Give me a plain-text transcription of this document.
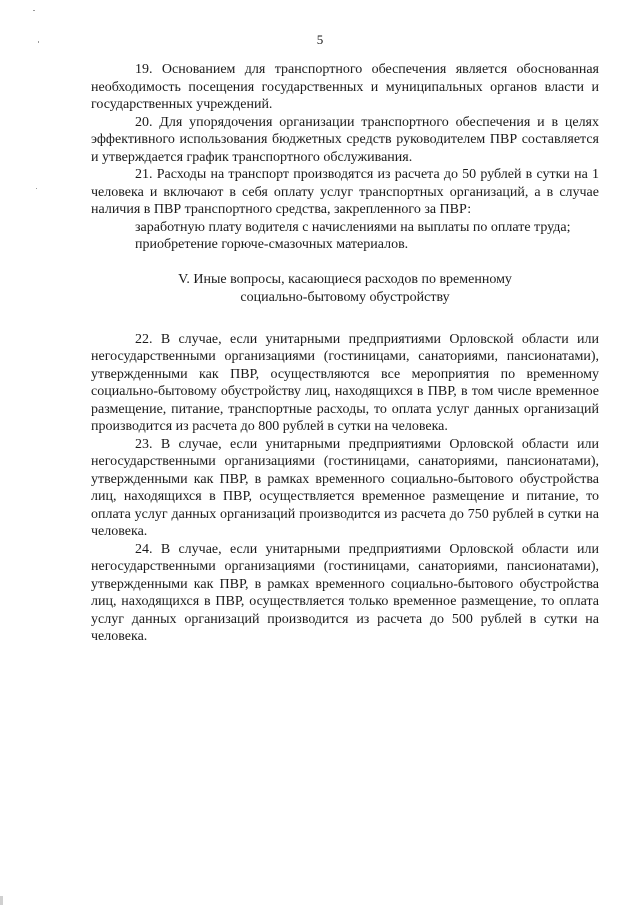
5

19. Основанием для транспортного обеспечения является обоснованная необходимость посещения государственных и муниципальных органов власти и государственных учреждений.

20. Для упорядочения организации транспортного обеспечения и в целях эффективного использования бюджетных средств руководителем ПВР составляется и утверждается график транспортного обслуживания.

21. Расходы на транспорт производятся из расчета до 50 рублей в сутки на 1 человека и включают в себя оплату услуг транспортных организаций, а в случае наличия в ПВР транспортного средства, закрепленного за ПВР:

заработную плату водителя с начислениями на выплаты по оплате труда;

приобретение горюче-смазочных материалов.

V. Иные вопросы, касающиеся расходов по временному
социально-бытовому обустройству

22. В случае, если унитарными предприятиями Орловской области или негосударственными организациями (гостиницами, санаториями, пансионатами), утвержденными как ПВР, осуществляются все мероприятия по временному социально-бытовому обустройству лиц, находящихся в ПВР, в том числе временное размещение, питание, транспортные расходы, то оплата услуг данных организаций производится из расчета до 800 рублей в сутки на человека.

23. В случае, если унитарными предприятиями Орловской области или негосударственными организациями (гостиницами, санаториями, пансионатами), утвержденными как ПВР, в рамках временного социально-бытового обустройства лиц, находящихся в ПВР, осуществляется временное размещение и питание, то оплата услуг данных организаций производится из расчета до 750 рублей в сутки на человека.

24. В случае, если унитарными предприятиями Орловской области или негосударственными организациями (гостиницами, санаториями, пансионатами), утвержденными как ПВР, в рамках временного социально-бытового обустройства лиц, находящихся в ПВР, осуществляется только временное размещение, то оплата услуг данных организаций производится из расчета до 500 рублей в сутки на человека.
